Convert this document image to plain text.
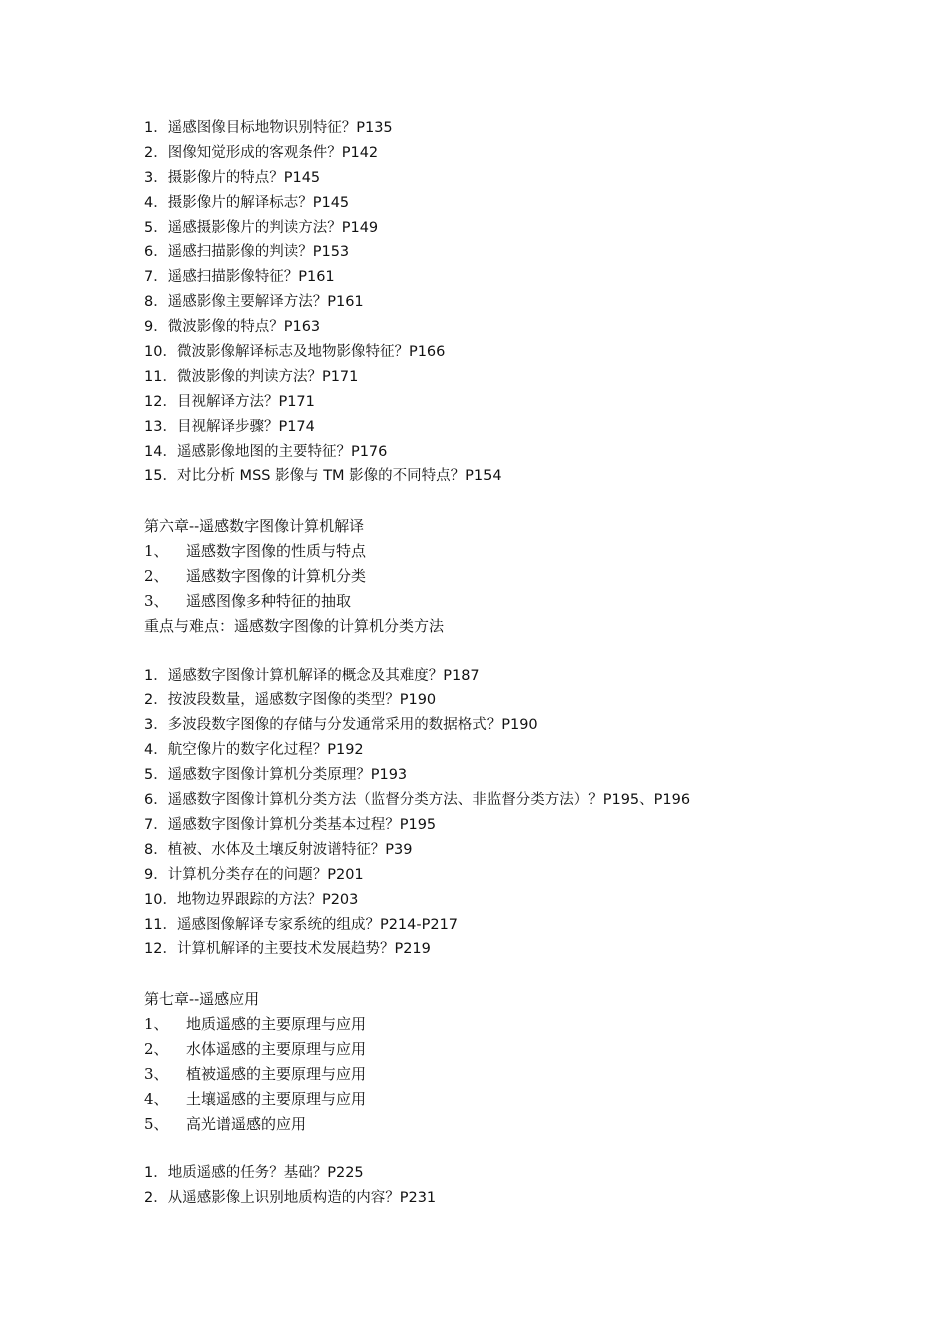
1．遥感图像目标地物识别特征？P135
2．图像知觉形成的客观条件？P142
3．摄影像片的特点？P145
4．摄影像片的解译标志？P145
5．遥感摄影像片的判读方法？P149
6．遥感扫描影像的判读？P153
7．遥感扫描影像特征？P161
8．遥感影像主要解译方法？P161
9．微波影像的特点？P163
10．微波影像解译标志及地物影像特征？P166
11．微波影像的判读方法？P171
12．目视解译方法？P171
13．目视解译步骤？P174
14．遥感影像地图的主要特征？P176
15．对比分析 MSS 影像与 TM 影像的不同特点？P154
第六章--遥感数字图像计算机解译
1、 遥感数字图像的性质与特点
2、 遥感数字图像的计算机分类
3、 遥感图像多种特征的抽取
重点与难点：遥感数字图像的计算机分类方法
1．遥感数字图像计算机解译的概念及其难度？P187
2．按波段数量，遥感数字图像的类型？P190
3．多波段数字图像的存储与分发通常采用的数据格式？P190
4．航空像片的数字化过程？P192
5．遥感数字图像计算机分类原理？P193
6．遥感数字图像计算机分类方法（监督分类方法、非监督分类方法）？P195、P196
7．遥感数字图像计算机分类基本过程？P195
8．植被、水体及土壤反射波谱特征？P39
9．计算机分类存在的问题？P201
10．地物边界跟踪的方法？P203
11．遥感图像解译专家系统的组成？P214-P217
12．计算机解译的主要技术发展趋势？P219
第七章--遥感应用
1、 地质遥感的主要原理与应用
2、 水体遥感的主要原理与应用
3、 植被遥感的主要原理与应用
4、 土壤遥感的主要原理与应用
5、 高光谱遥感的应用
1．地质遥感的任务？基础？P225
2．从遥感影像上识别地质构造的内容？P231
